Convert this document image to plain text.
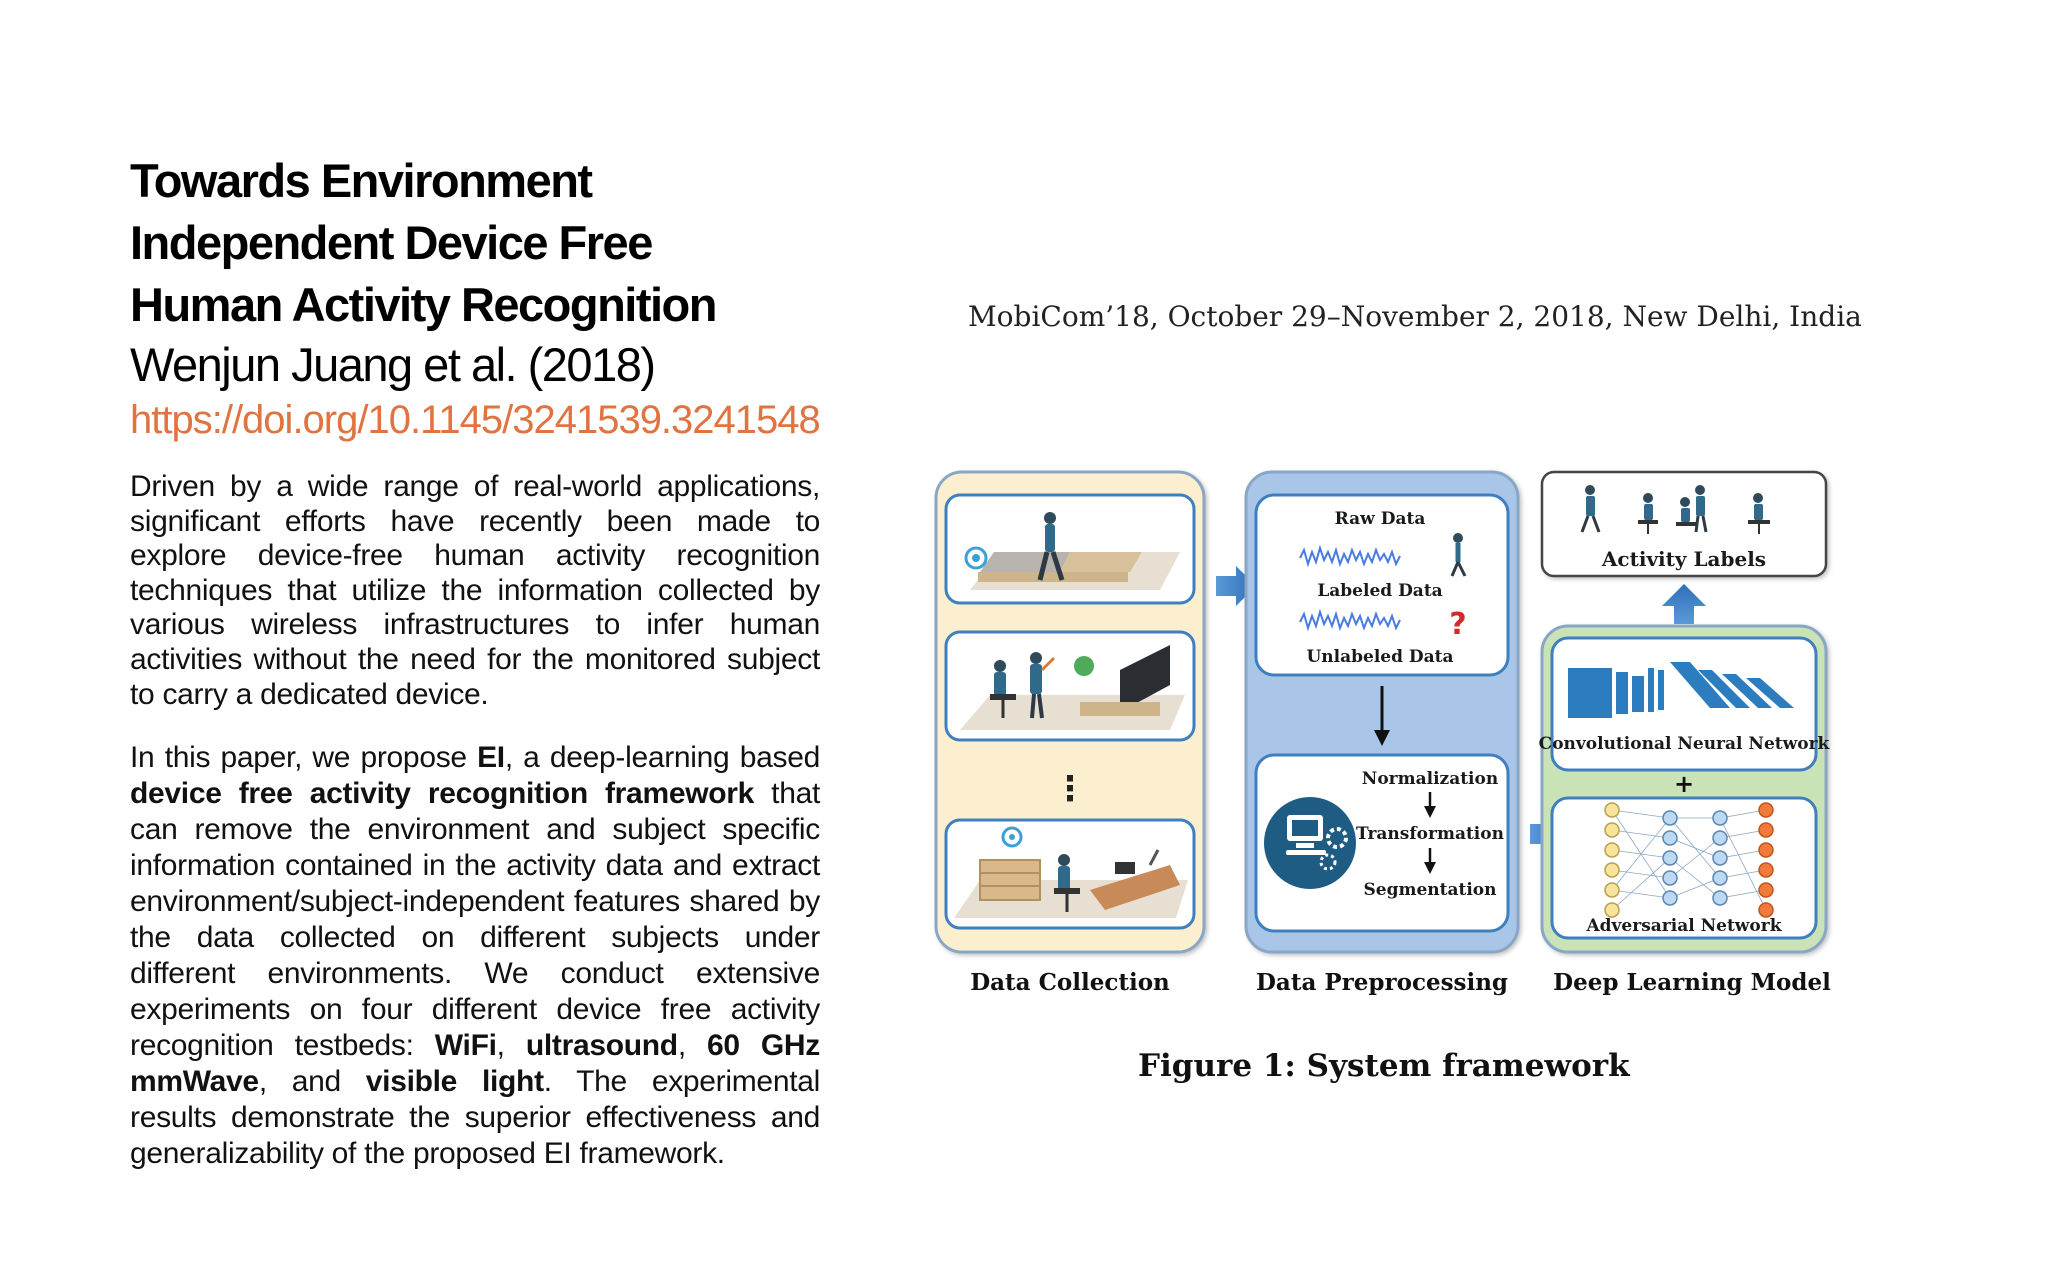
Towards Environment
Independent Device Free
Human Activity Recognition
Wenjun Juang et al. (2018)
https://doi.org/10.1145/3241539.3241548

Driven by a wide range of real-world applications, significant efforts have recently been made to explore device-free human activity recognition techniques that utilize the information collected by various wireless infrastructures to infer human activities without the need for the monitored subject to carry a dedicated device.

In this paper, we propose EI, a deep-learning based device free activity recognition framework that can remove the environment and subject specific information contained in the activity data and extract environment/subject-independent features shared by the data collected on different subjects under different environments. We conduct extensive experiments on four different device free activity recognition testbeds: WiFi, ultrasound, 60 GHz mmWave, and visible light. The experimental results demonstrate the superior effectiveness and generalizability of the proposed EI framework.

MobiCom’18, October 29–November 2, 2018, New Delhi, India
⋮
Raw Data
Labeled Data
?
Unlabeled Data
Normalization
Transformation
Segmentation
Activity Labels
Convolutional Neural Network
+
Adversarial Network
Data Collection	Data Preprocessing Deep Learning Model
Figure 1: System framework
